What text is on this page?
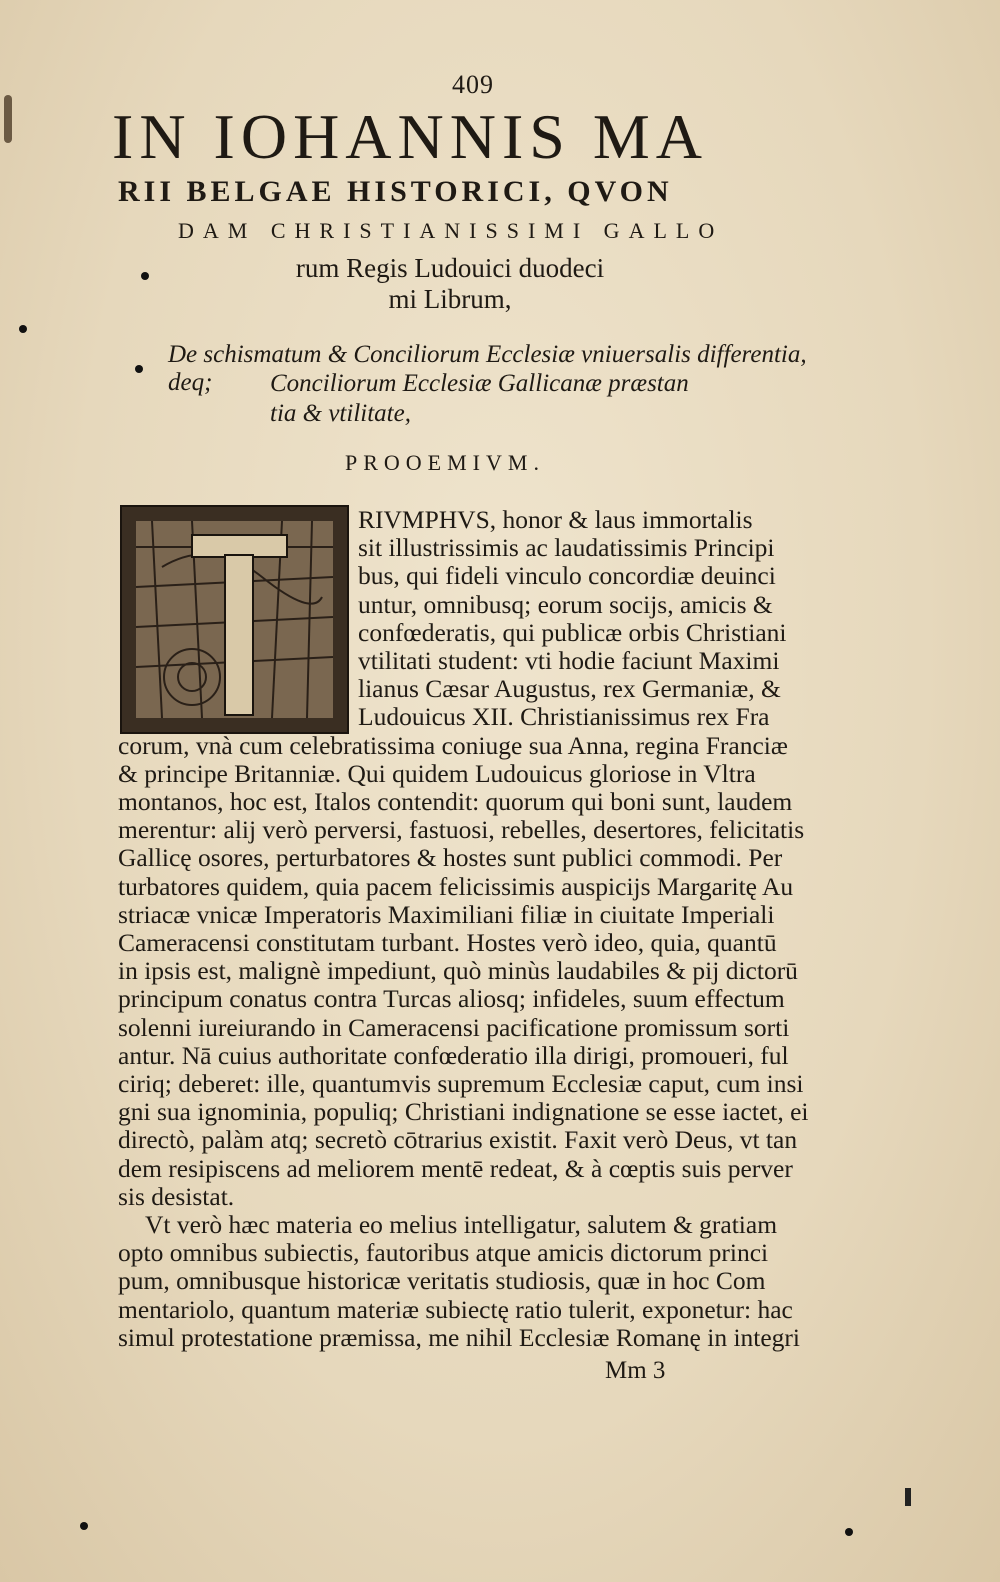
409
IN IOHANNIS MA
RII BELGAE HISTORICI, QVON
DAM CHRISTIANISSIMI GALLO
rum Regis Ludouici duodeci
mi Librum,
De schismatum & Conciliorum Ecclesiæ vniuersalis differentia, deq;	Conciliorum Ecclesiæ Gallicanæ præstan
tia & vtilitate,
PROOEMIVM.
RIVMPHVS, honor & laus immortalis
sit illustrissimis ac laudatissimis Principi
bus, qui fideli vinculo concordiæ deuinci
untur, omnibusq; eorum socijs, amicis &
confœderatis, qui publicæ orbis Christiani
vtilitati student: vti hodie faciunt Maximi
lianus Cæsar Augustus, rex Germaniæ, &
Ludouicus XII. Christianissimus rex Fra
corum, vnà cum celebratissima coniuge sua Anna, regina Franciæ
& principe Britanniæ. Qui quidem Ludouicus gloriose in Vltra
montanos, hoc est, Italos contendit: quorum qui boni sunt, laudem
merentur: alij verò perversi, fastuosi, rebelles, desertores, felicitatis
Gallicę osores, perturbatores & hostes sunt publici commodi. Per
turbatores quidem, quia pacem felicissimis auspicijs Margaritę Au
striacæ vnicæ Imperatoris Maximiliani filiæ in ciuitate Imperiali
Cameracensi constitutam turbant. Hostes verò ideo, quia, quantū
in ipsis est, malignè impediunt, quò minùs laudabiles & pij dictorū
principum conatus contra Turcas aliosq; infideles, suum effectum
solenni iureiurando in Cameracensi pacificatione promissum sorti
antur. Nā cuius authoritate confœderatio illa dirigi, promoueri, ful
ciriq; deberet: ille, quantumvis supremum Ecclesiæ caput, cum insi
gni sua ignominia, populiq; Christiani indignatione se esse iactet, ei
directò, palàm atq; secretò cōtrarius existit. Faxit verò Deus, vt tan
dem resipiscens ad meliorem mentē redeat, & à cœptis suis perver
sis desistat.
Vt verò hæc materia eo melius intelligatur, salutem & gratiam
opto omnibus subiectis, fautoribus atque amicis dictorum princi
pum, omnibusque historicæ veritatis studiosis, quæ in hoc Com
mentariolo, quantum materiæ subiectę ratio tulerit, exponetur: hac
simul protestatione præmissa, me nihil Ecclesiæ Romanę in integri
Mm 3
